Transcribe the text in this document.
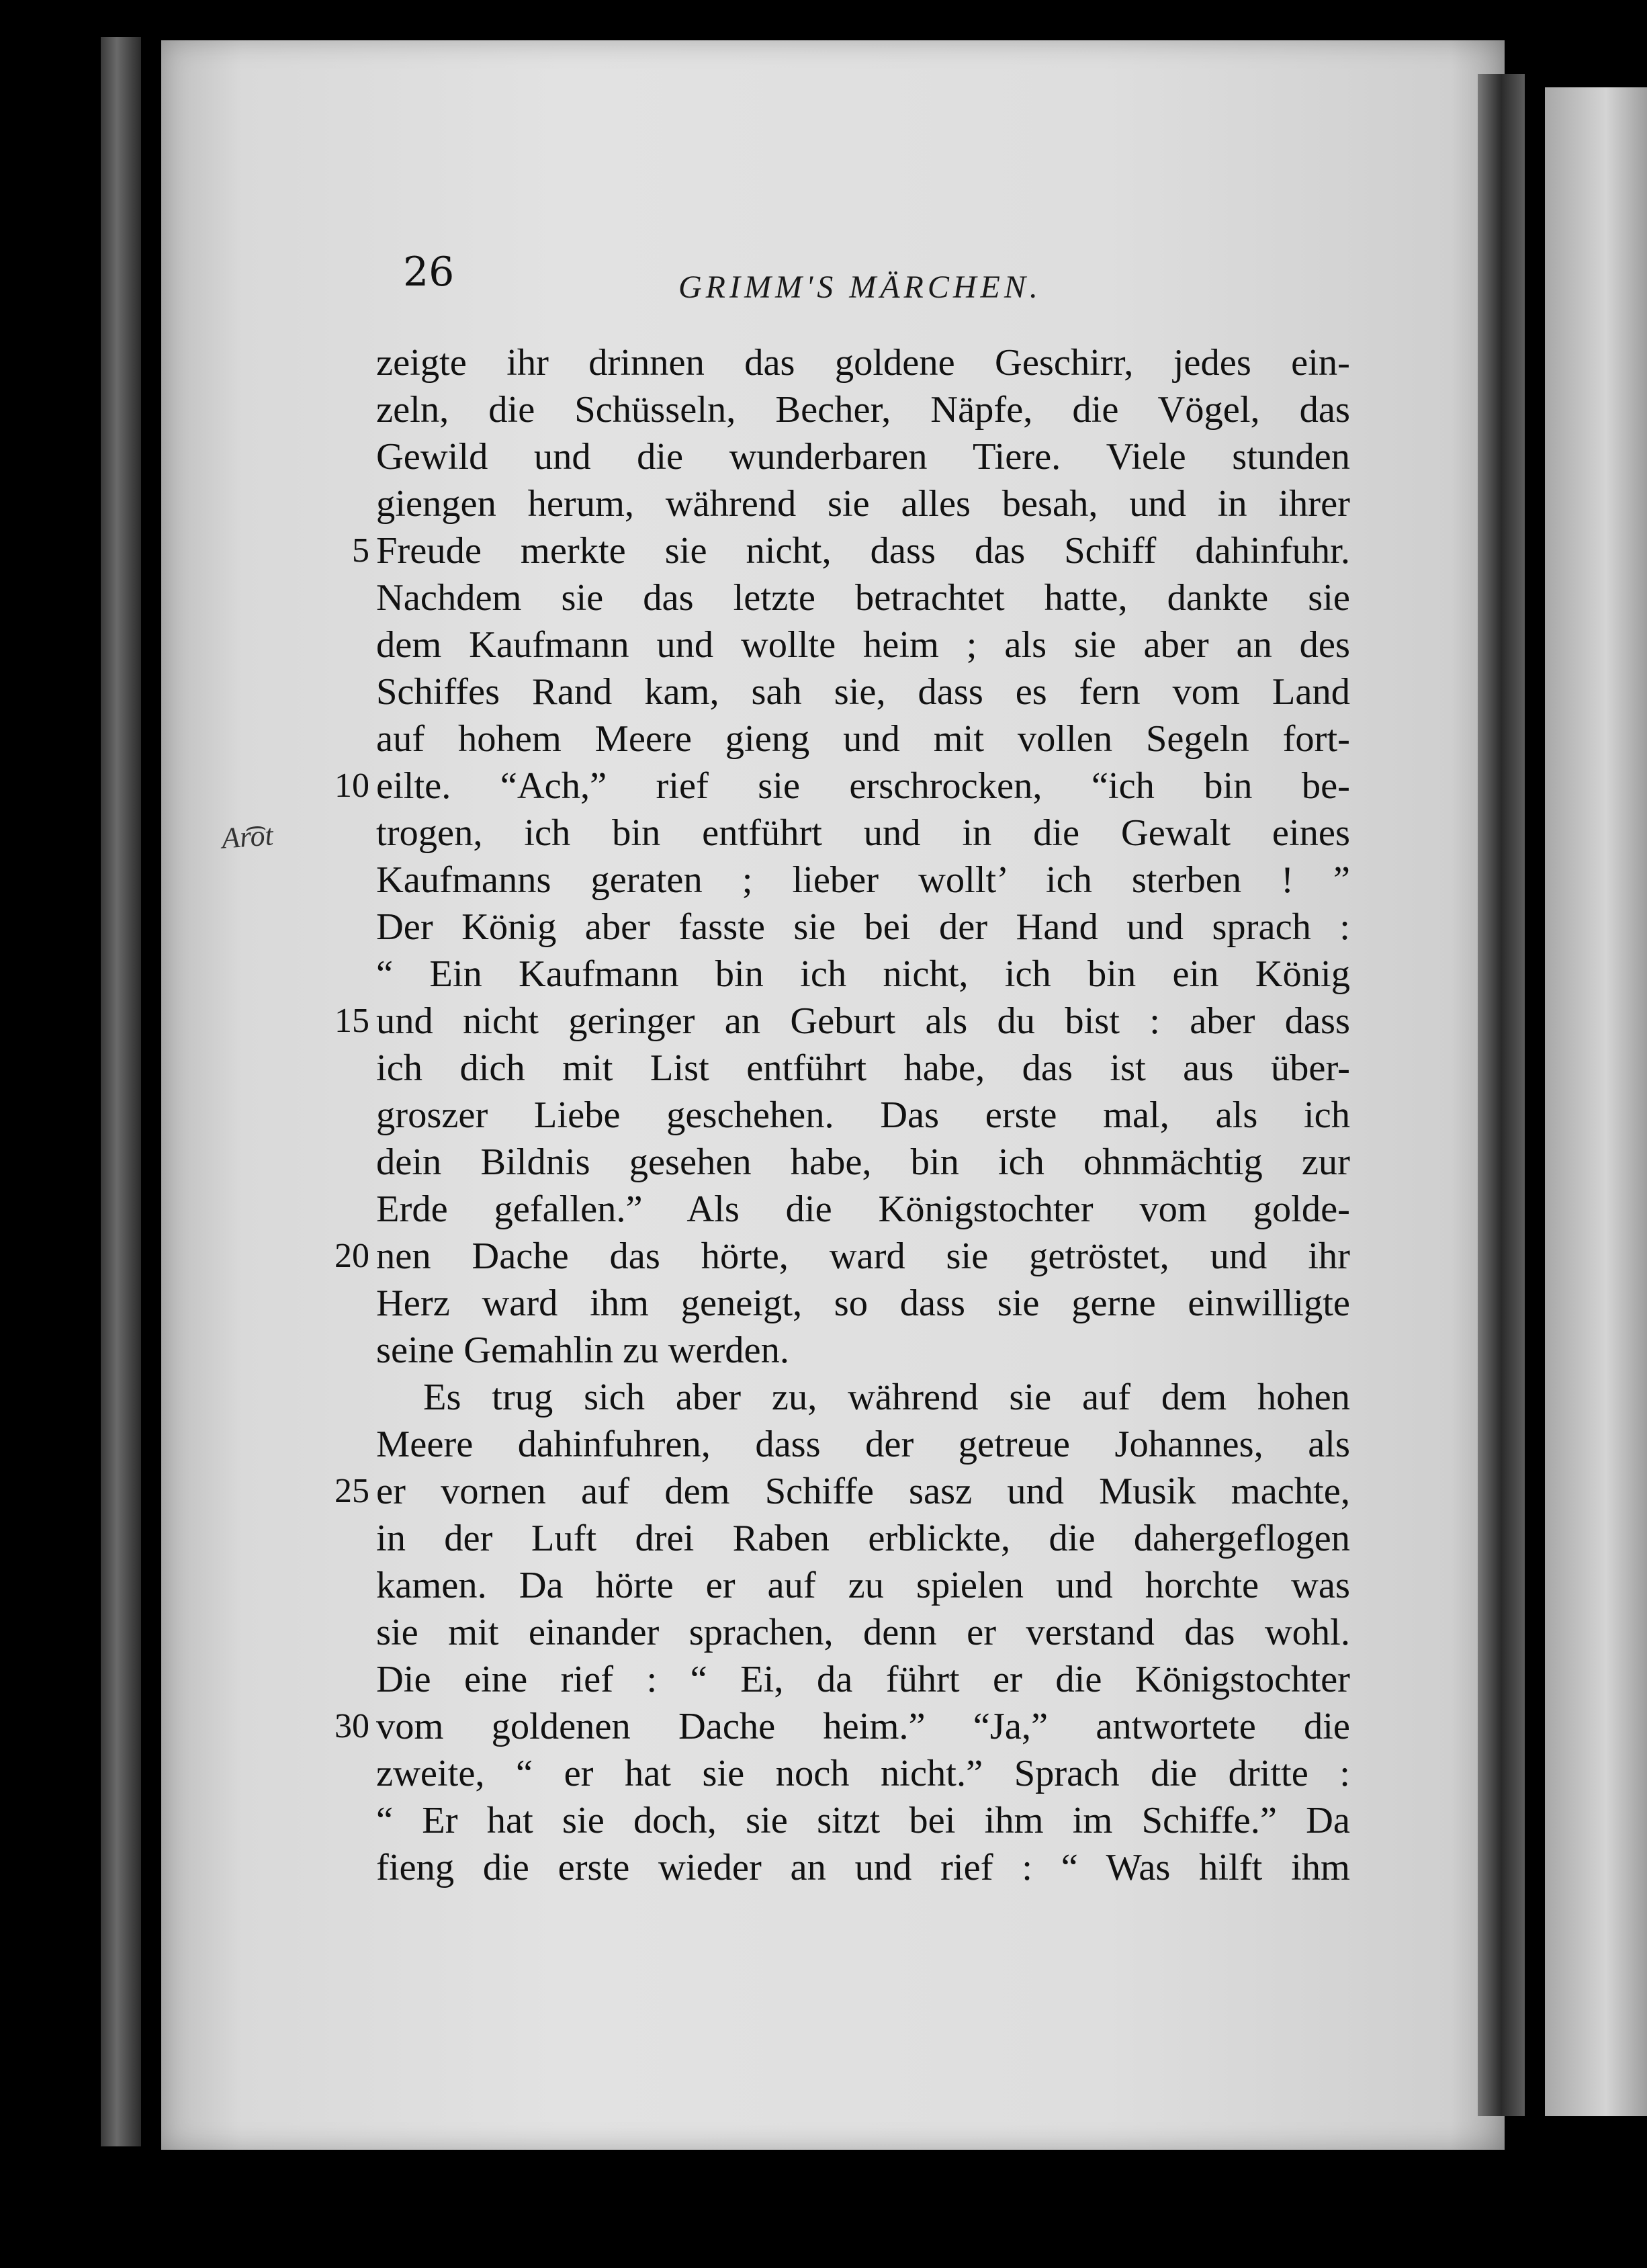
26	GRIMM'S MÄRCHEN.
Ar͡ot
5
10
15
20
25
30
zeigte ihr drinnen das goldene Geschirr, jedes ein-
zeln, die Schüsseln, Becher, Näpfe, die Vögel, das
Gewild und die wunderbaren Tiere. Viele stunden
giengen herum, während sie alles besah, und in ihrer
Freude merkte sie nicht, dass das Schiff dahinfuhr.
Nachdem sie das letzte betrachtet hatte, dankte sie
dem Kaufmann und wollte heim ; als sie aber an des
Schiffes Rand kam, sah sie, dass es fern vom Land
auf hohem Meere gieng und mit vollen Segeln fort-
eilte. “Ach,” rief sie erschrocken, “ich bin be-
trogen, ich bin entführt und in die Gewalt eines
Kaufmanns geraten ; lieber wollt’ ich sterben ! ”
Der König aber fasste sie bei der Hand und sprach :
“ Ein Kaufmann bin ich nicht, ich bin ein König
und nicht geringer an Geburt als du bist : aber dass
ich dich mit List entführt habe, das ist aus über-
groszer Liebe geschehen. Das erste mal, als ich
dein Bildnis gesehen habe, bin ich ohnmächtig zur
Erde gefallen.” Als die Königstochter vom golde-
nen Dache das hörte, ward sie getröstet, und ihr
Herz ward ihm geneigt, so dass sie gerne einwilligte
seine Gemahlin zu werden.
Es trug sich aber zu, während sie auf dem hohen
Meere dahinfuhren, dass der getreue Johannes, als
er vornen auf dem Schiffe sasz und Musik machte,
in der Luft drei Raben erblickte, die dahergeflogen
kamen. Da hörte er auf zu spielen und horchte was
sie mit einander sprachen, denn er verstand das wohl.
Die eine rief : “ Ei, da führt er die Königstochter
vom goldenen Dache heim.” “Ja,” antwortete die
zweite, “ er hat sie noch nicht.” Sprach die dritte :
“ Er hat sie doch, sie sitzt bei ihm im Schiffe.” Da
fieng die erste wieder an und rief : “ Was hilft ihm
